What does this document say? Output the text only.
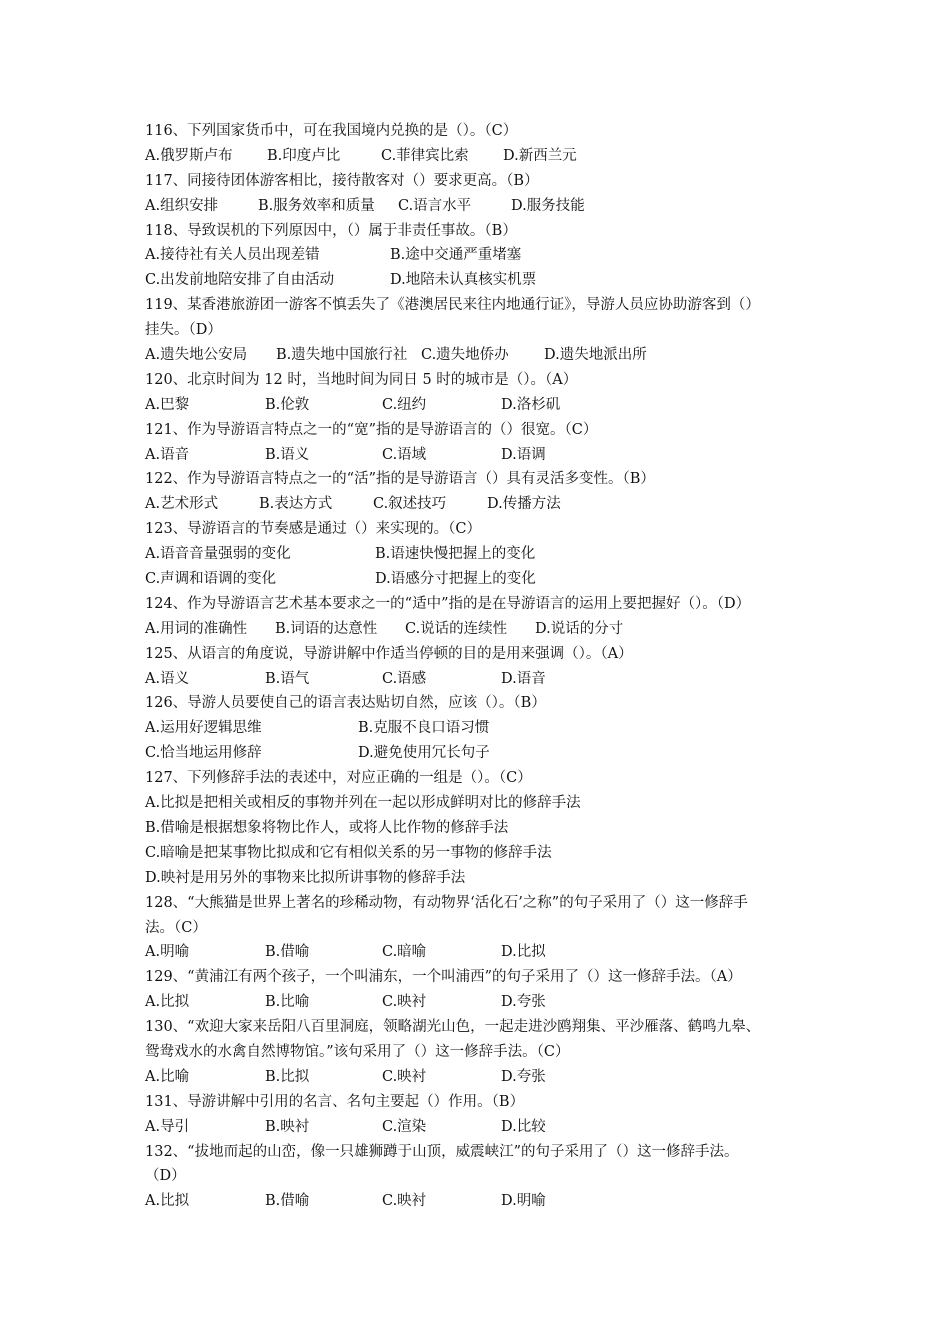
116、下列国家货币中，可在我国境内兑换的是（）。（C）
A.俄罗斯卢布 B.印度卢比	C.菲律宾比索 D.新西兰元
117、同接待团体游客相比，接待散客对（）要求更高。（B）
A.组织安排	B.服务效率和质量 C.语言水平	D.服务技能
118、导致误机的下列原因中，（）属于非责任事故。（B）
A.接待社有关人员出现差错	B.途中交通严重堵塞
C.出发前地陪安排了自由活动	D.地陪未认真核实机票
119、某香港旅游团一游客不慎丢失了《港澳居民来往内地通行证》，导游人员应协助游客到（）
挂失。（D）
A.遗失地公安局 B.遗失地中国旅行社 C.遗失地侨办 D.遗失地派出所
120、北京时间为 12 时，当地时间为同日 5 时的城市是（）。（A）
A.巴黎	B.伦敦	C.纽约	D.洛杉矶
121、作为导游语言特点之一的“宽”指的是导游语言的（）很宽。（C）
A.语音	B.语义	C.语域	D.语调
122、作为导游语言特点之一的“活”指的是导游语言（）具有灵活多变性。（B）
A.艺术形式	B.表达方式	C.叙述技巧	D.传播方法
123、导游语言的节奏感是通过（）来实现的。（C）
A.语音音量强弱的变化	B.语速快慢把握上的变化
C.声调和语调的变化	D.语感分寸把握上的变化
124、作为导游语言艺术基本要求之一的“适中”指的是在导游语言的运用上要把握好（）。（D）
A.用词的准确性 B.词语的达意性 C.说话的连续性 D.说话的分寸
125、从语言的角度说，导游讲解中作适当停顿的目的是用来强调（）。（A）
A.语义	B.语气	C.语感	D.语音
126、导游人员要使自己的语言表达贴切自然，应该（）。（B）
A.运用好逻辑思维	B.克服不良口语习惯
C.恰当地运用修辞	D.避免使用冗长句子
127、下列修辞手法的表述中，对应正确的一组是（）。（C）
A.比拟是把相关或相反的事物并列在一起以形成鲜明对比的修辞手法
B.借喻是根据想象将物比作人，或将人比作物的修辞手法
C.暗喻是把某事物比拟成和它有相似关系的另一事物的修辞手法
D.映衬是用另外的事物来比拟所讲事物的修辞手法
128、“大熊猫是世界上著名的珍稀动物，有动物界‘活化石’之称”的句子采用了（）这一修辞手
法。（C）
A.明喻	B.借喻	C.暗喻	D.比拟
129、“黄浦江有两个孩子，一个叫浦东，一个叫浦西”的句子采用了（）这一修辞手法。（A）
A.比拟	B.比喻	C.映衬	D.夸张
130、“欢迎大家来岳阳八百里洞庭，领略湖光山色，一起走进沙鸥翔集、平沙雁落、鹤鸣九皋、
鸳鸯戏水的水禽自然博物馆。”该句采用了（）这一修辞手法。（C）
A.比喻	B.比拟	C.映衬	D.夸张
131、导游讲解中引用的名言、名句主要起（）作用。（B）
A.导引	B.映衬	C.渲染	D.比较
132、“拔地而起的山峦，像一只雄狮蹲于山顶，威震峡江”的句子采用了（）这一修辞手法。
（D）
A.比拟	B.借喻	C.映衬	D.明喻
